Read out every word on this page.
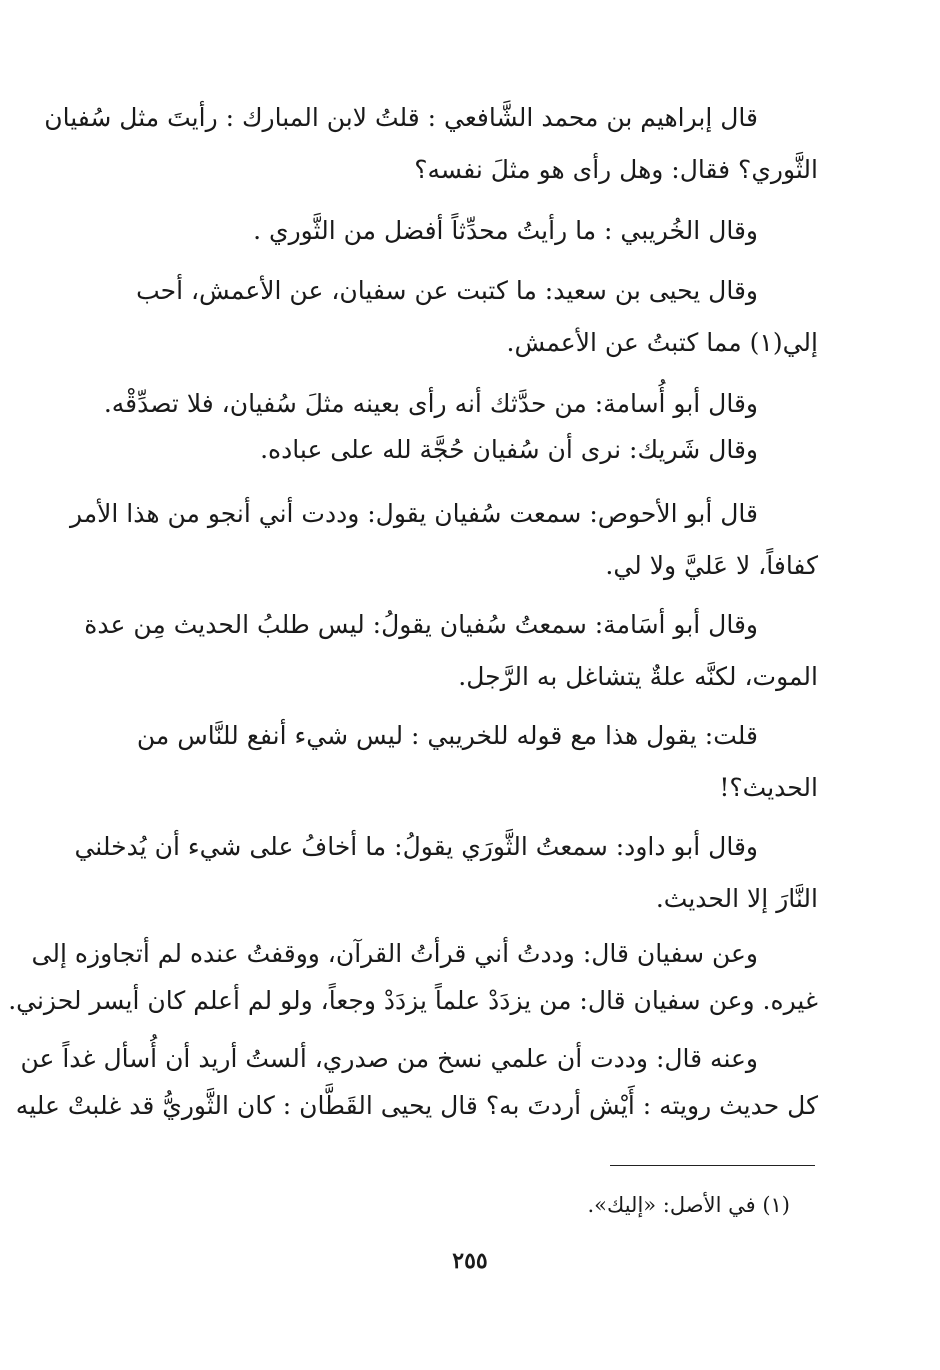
قال إبراهيم بن محمد الشَّافعي : قلتُ لابن المبارك : رأيتَ مثل سُفيان
الثَّوري؟ فقال: وهل رأى هو مثلَ نفسه؟
وقال الخُريبي : ما رأيتُ محدِّثاً أفضل من الثَّوري .
وقال يحيى بن سعيد: ما كتبت عن سفيان، عن الأعمش، أحب
إلي(١) مما كتبتُ عن الأعمش.
وقال أبو أُسامة: من حدَّثك أنه رأى بعينه مثلَ سُفيان، فلا تصدِّقْه.
وقال شَريك: نرى أن سُفيان حُجَّة لله على عباده.
قال أبو الأحوص: سمعت سُفيان يقول: وددت أني أنجو من هذا الأمر
كفافاً، لا عَليَّ ولا لي.
وقال أبو أسَامة: سمعتُ سُفيان يقولُ: ليس طلبُ الحديث مِن عدة
الموت، لكنَّه علةٌ يتشاغل به الرَّجل.
قلت: يقول هذا مع قوله للخريبي : ليس شيء أنفع للنَّاس من
الحديث؟!
وقال أبو داود: سمعتُ الثَّورَي يقولُ: ما أخافُ على شيء أن يُدخلني
النَّارَ إلا الحديث.
وعن سفيان قال: وددتُ أني قرأتُ القرآن، ووقفتُ عنده لم أتجاوزه إلى
غيره. وعن سفيان قال: من يزدَدْ علماً يزدَدْ وجعاً، ولو لم أعلم كان أيسر لحزني.
وعنه قال: وددت أن علمي نسخ من صدري، ألستُ أريد أن أُسأل غداً عن
كل حديث رويته : أَيْش أردتَ به؟ قال يحيى القَطَّان : كان الثَّوريُّ قد غلبتْ عليه
(١) في الأصل: «إليك».
٢٥٥
